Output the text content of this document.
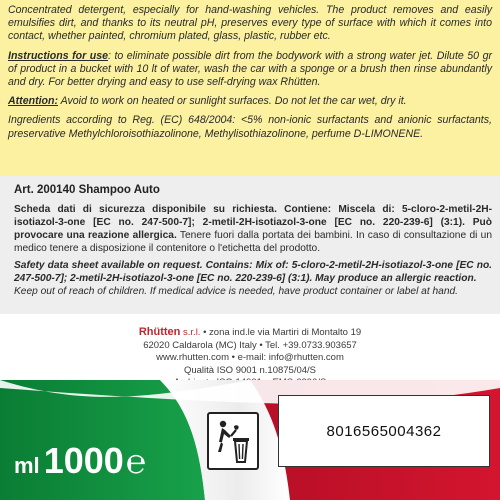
Concentrated detergent, especially for hand-washing vehicles. The product removes and easily emulsifies dirt, and thanks to its neutral pH, preserves every type of surface with which it comes into contact, whether painted, chromium plated, glass, plastic, rubber etc.

Instructions for use: to eliminate possible dirt from the bodywork with a strong water jet. Dilute 50 gr of product in a bucket with 10 lt of water, wash the car with a sponge or a brush then rinse abundantly and dry. For better drying and easy to use self-drying wax Rhütten.

Attention: Avoid to work on heated or sunlight surfaces. Do not let the car wet, dry it.

Ingredients according to Reg. (EC) 648/2004: <5% non-ionic surfactants and anionic surfactants, preservative Methylchloroisothiazolinone, Methylisothiazolinone, perfume D-LIMONENE.

Art. 200140 Shampoo Auto

Scheda dati di sicurezza disponibile su richiesta. Contiene: Miscela di: 5-cloro-2-metil-2H-isotiazol-3-one [EC no. 247-500-7]; 2-metil-2H-isotiazol-3-one [EC no. 220-239-6] (3:1). Può provocare una reazione allergica. Tenere fuori dalla portata dei bambini. In caso di consultazione di un medico tenere a disposizione il contenitore o l'etichetta del prodotto.

Safety data sheet available on request. Contains: Mix of: 5-cloro-2-metil-2H-isotiazol-3-one [EC no. 247-500-7]; 2-metil-2H-isotiazol-3-one [EC no. 220-239-6] (3:1). May produce an allergic reaction.
Keep out of reach of children. If medical advice is needed, have product container or label at hand.

Rhütten s.r.l. • zona ind.le via Martiri di Montalto 19
62020 Caldarola (MC) Italy • Tel. +39.0733.903657
www.rhutten.com • e-mail: info@rhutten.com
Qualità ISO 9001 n.10875/04/S
ml 1000℮
8016565004362
